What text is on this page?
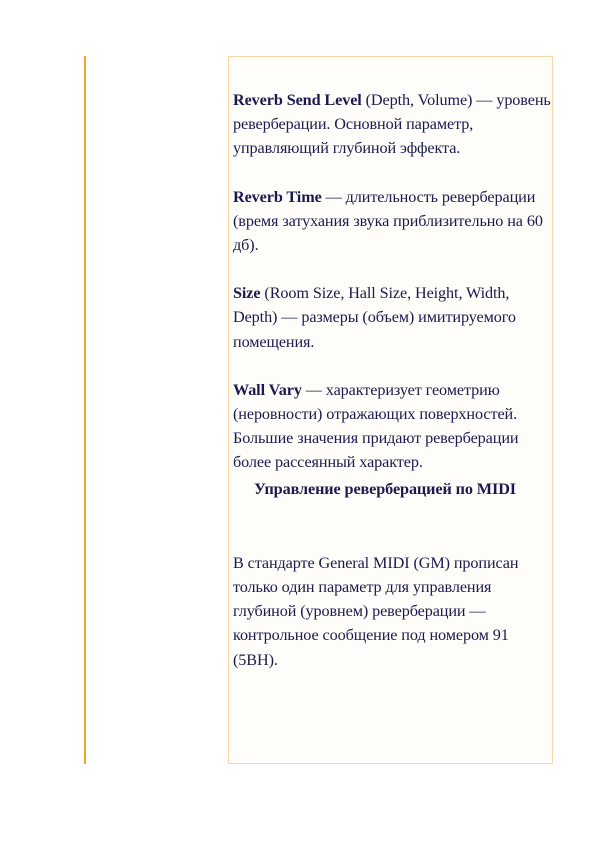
Reverb Send Level (Depth, Volume) — уровень реверберации. Основной параметр, управляющий глубиной эффекта.

Reverb Time — длительность реверберации (время затухания звука приблизительно на 60 дб).

Size (Room Size, Hall Size, Height, Width, Depth) — размеры (объем) имитируемого помещения.

Wall Vary — характеризует геометрию (неровности) отражающих поверхностей. Большие значения придают реверберации более рассеянный характер.

Управление реверберацией по MIDI

В стандарте General MIDI (GM) прописан только один параметр для управления глубиной (уровнем) реверберации — контрольное сообщение под номером 91 (5BH).
